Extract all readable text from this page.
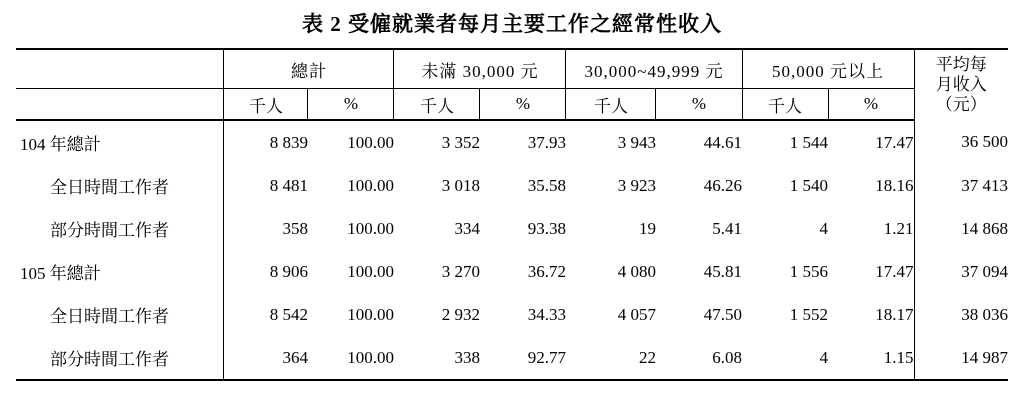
表 2 受僱就業者每月主要工作之經常性收入
	總計		未滿 30,000 元		30,000~49,999 元		50,000 元以上		平均每
月收入
（元）

	千人	%	千人	%	千人	%	千人	%	
104 年總計	8 839	100.00	3 352	37.93	3 943	44.61	1 544	17.47	36 500
全日時間工作者	8 481	100.00	3 018	35.58	3 923	46.26	1 540	18.16	37 413
部分時間工作者	358	100.00	334	93.38	19	5.41	4	1.21	14 868
105 年總計	8 906	100.00	3 270	36.72	4 080	45.81	1 556	17.47	37 094
全日時間工作者	8 542	100.00	2 932	34.33	4 057	47.50	1 552	18.17	38 036
部分時間工作者	364	100.00	338	92.77	22	6.08	4	1.15	14 987
